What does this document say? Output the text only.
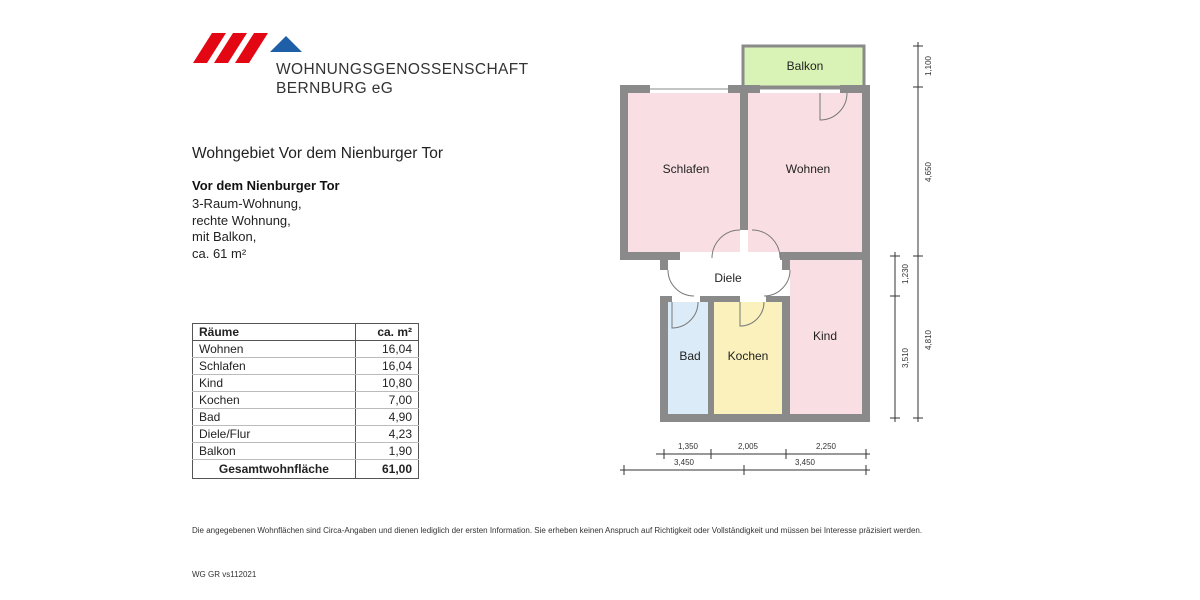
WOHNUNGSGENOSSENSCHAFT
BERNBURG eG
Wohngebiet Vor dem Nienburger Tor
Vor dem Nienburger Tor
3-Raum-Wohnung,
rechte Wohnung,
mit Balkon,
ca. 61 m²
Räume	ca. m²
Wohnen	16,04
Schlafen	16,04
Kind	10,80
Kochen	7,00
Bad	4,90
Diele/Flur	4,23
Balkon	1,90
Gesamtwohnfläche	61,00
Balkon
Schlafen	Wohnen
Diele
Kind
Bad Kochen
1,100
4,650
1,230
4,810
3,510
1,350	2,005	2,250
3,450	3,450
Die angegebenen Wohnflächen sind Circa-Angaben und dienen lediglich der ersten Information. Sie erheben keinen Anspruch auf Richtigkeit oder Vollständigkeit und müssen bei Interesse präzisiert werden.
WG GR vs112021
